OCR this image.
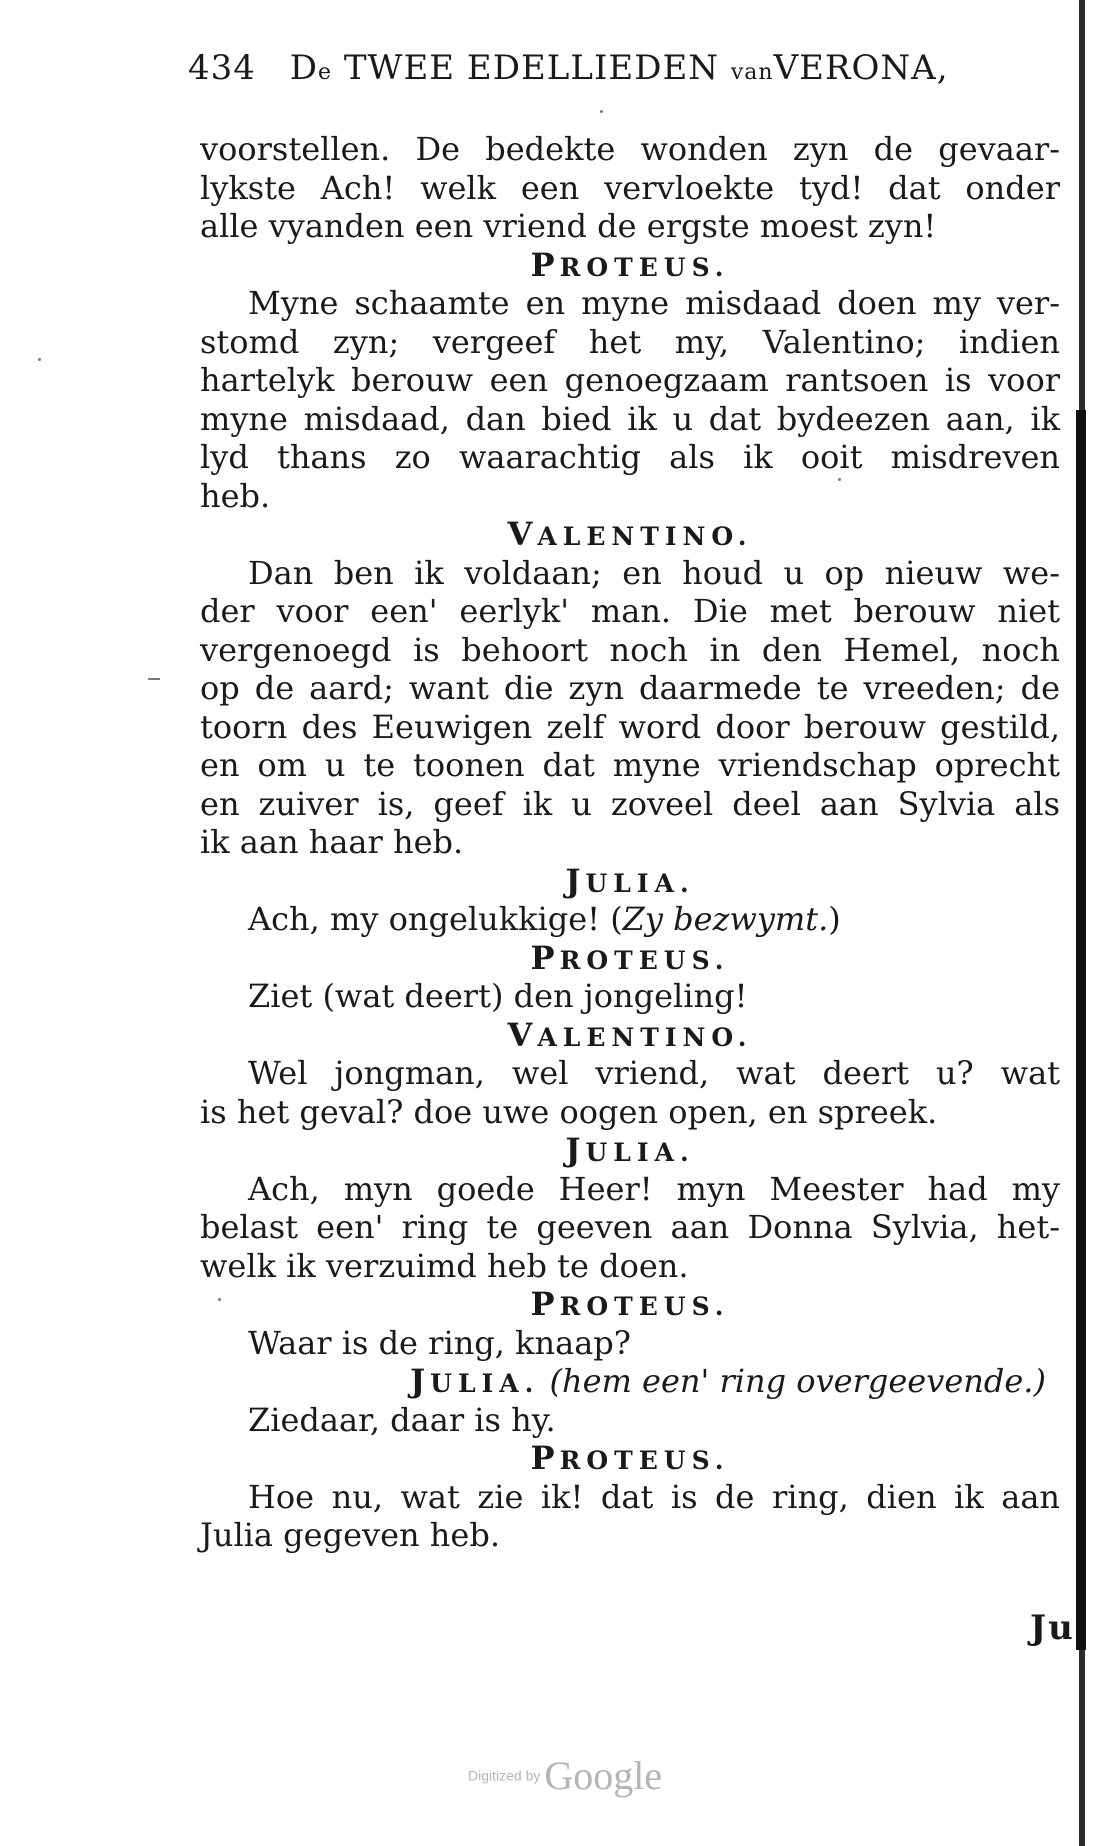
434 De TWEE EDELLIEDEN vanVERONA,
voorstellen. De bedekte wonden zyn de gevaar-
lykste Ach! welk een vervloekte tyd! dat onder
alle vyanden een vriend de ergste moest zyn!
PROTEUS.
Myne schaamte en myne misdaad doen my ver-
stomd zyn; vergeef het my, Valentino; indien
hartelyk berouw een genoegzaam rantsoen is voor
myne misdaad, dan bied ik u dat bydeezen aan, ik
lyd thans zo waarachtig als ik ooit misdreven
heb.
VALENTINO.
Dan ben ik voldaan; en houd u op nieuw we-
der voor een' eerlyk' man. Die met berouw niet
vergenoegd is behoort noch in den Hemel, noch
op de aard; want die zyn daarmede te vreeden; de
toorn des Eeuwigen zelf word door berouw gestild,
en om u te toonen dat myne vriendschap oprecht
en zuiver is, geef ik u zoveel deel aan Sylvia als
ik aan haar heb.
JULIA.
Ach, my ongelukkige! (Zy bezwymt.)
PROTEUS.
Ziet (wat deert) den jongeling!
VALENTINO.
Wel jongman, wel vriend, wat deert u? wat
is het geval? doe uwe oogen open, en spreek.
JULIA.
Ach, myn goede Heer! myn Meester had my
belast een' ring te geeven aan Donna Sylvia, het-
welk ik verzuimd heb te doen.
PROTEUS.
Waar is de ring, knaap?
JULIA. (hem een' ring overgeevende.)
Ziedaar, daar is hy.
PROTEUS.
Hoe nu, wat zie ik! dat is de ring, dien ik aan
Julia gegeven heb.
Ju
Digitized by Google
